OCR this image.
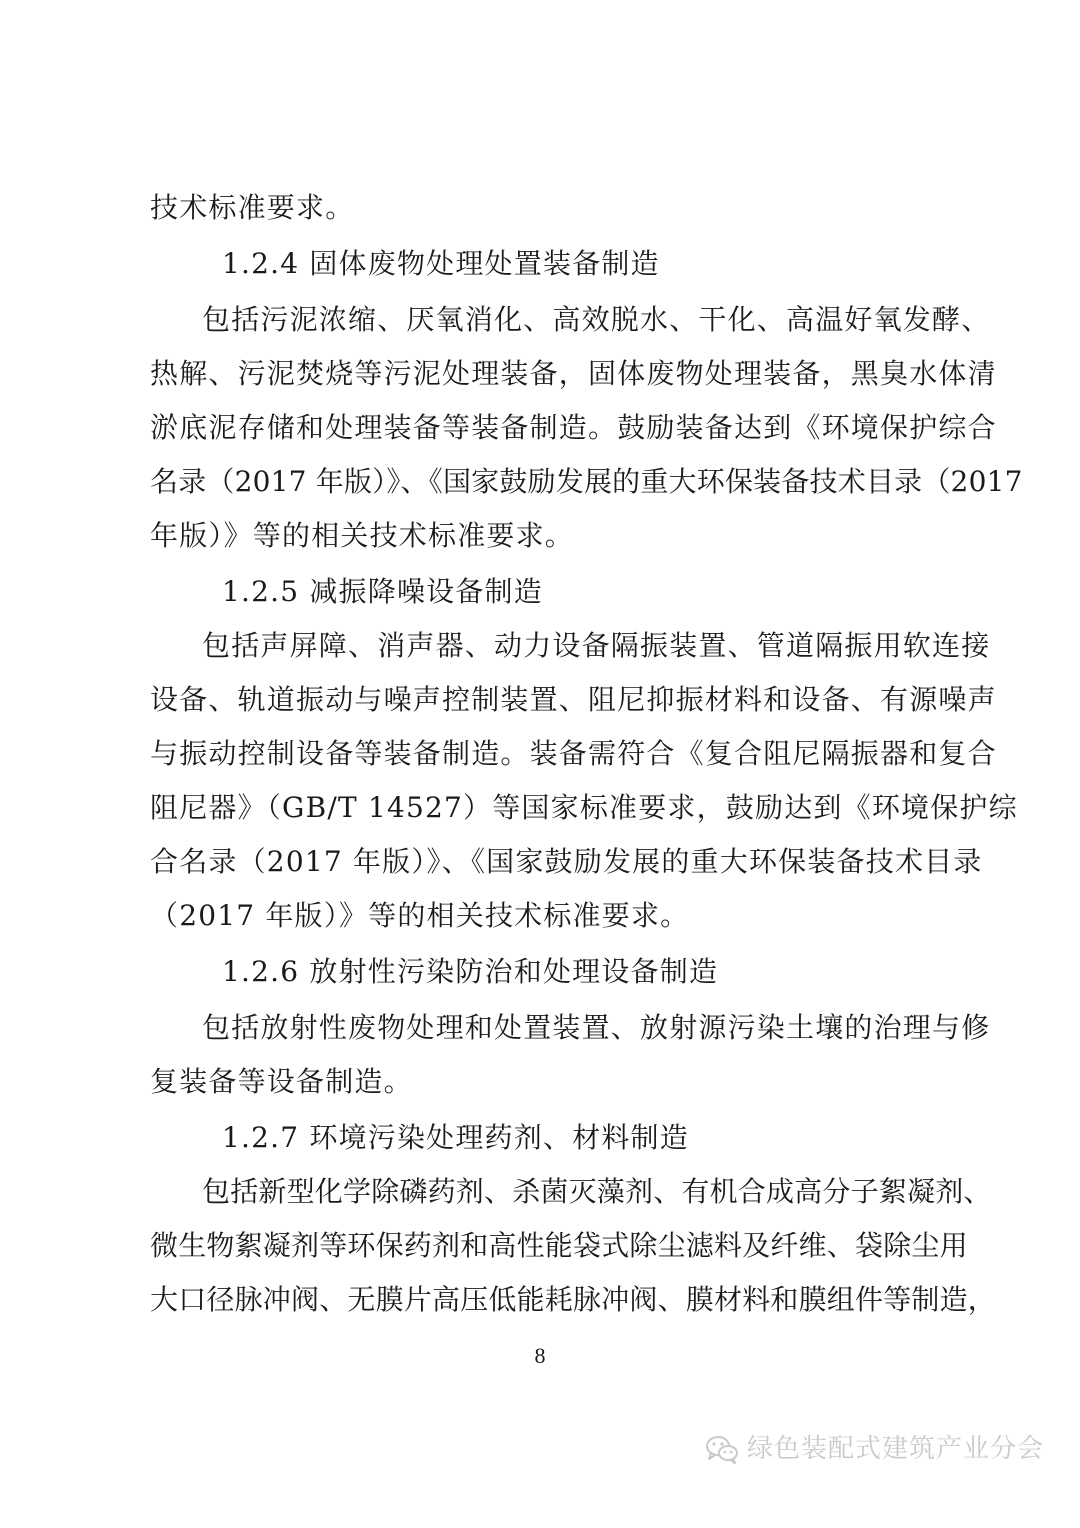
技术标准要求。
1.2.4 固体废物处理处置装备制造
包括污泥浓缩、厌氧消化、高效脱水、干化、高温好氧发酵、
热解、污泥焚烧等污泥处理装备，固体废物处理装备，黑臭水体清
淤底泥存储和处理装备等装备制造。鼓励装备达到《环境保护综合
名录（2017 年版）》、《国家鼓励发展的重大环保装备技术目录（2017
年版）》等的相关技术标准要求。
1.2.5 减振降噪设备制造
包括声屏障、消声器、动力设备隔振装置、管道隔振用软连接
设备、轨道振动与噪声控制装置、阻尼抑振材料和设备、有源噪声
与振动控制设备等装备制造。装备需符合《复合阻尼隔振器和复合
阻尼器》（GB/T 14527）等国家标准要求，鼓励达到《环境保护综
合名录（2017 年版）》、《国家鼓励发展的重大环保装备技术目录
（2017 年版）》等的相关技术标准要求。
1.2.6 放射性污染防治和处理设备制造
包括放射性废物处理和处置装置、放射源污染土壤的治理与修
复装备等设备制造。
1.2.7 环境污染处理药剂、材料制造
包括新型化学除磷药剂、杀菌灭藻剂、有机合成高分子絮凝剂、
微生物絮凝剂等环保药剂和高性能袋式除尘滤料及纤维、袋除尘用
大口径脉冲阀、无膜片高压低能耗脉冲阀、膜材料和膜组件等制造，
8
绿色装配式建筑产业分会
